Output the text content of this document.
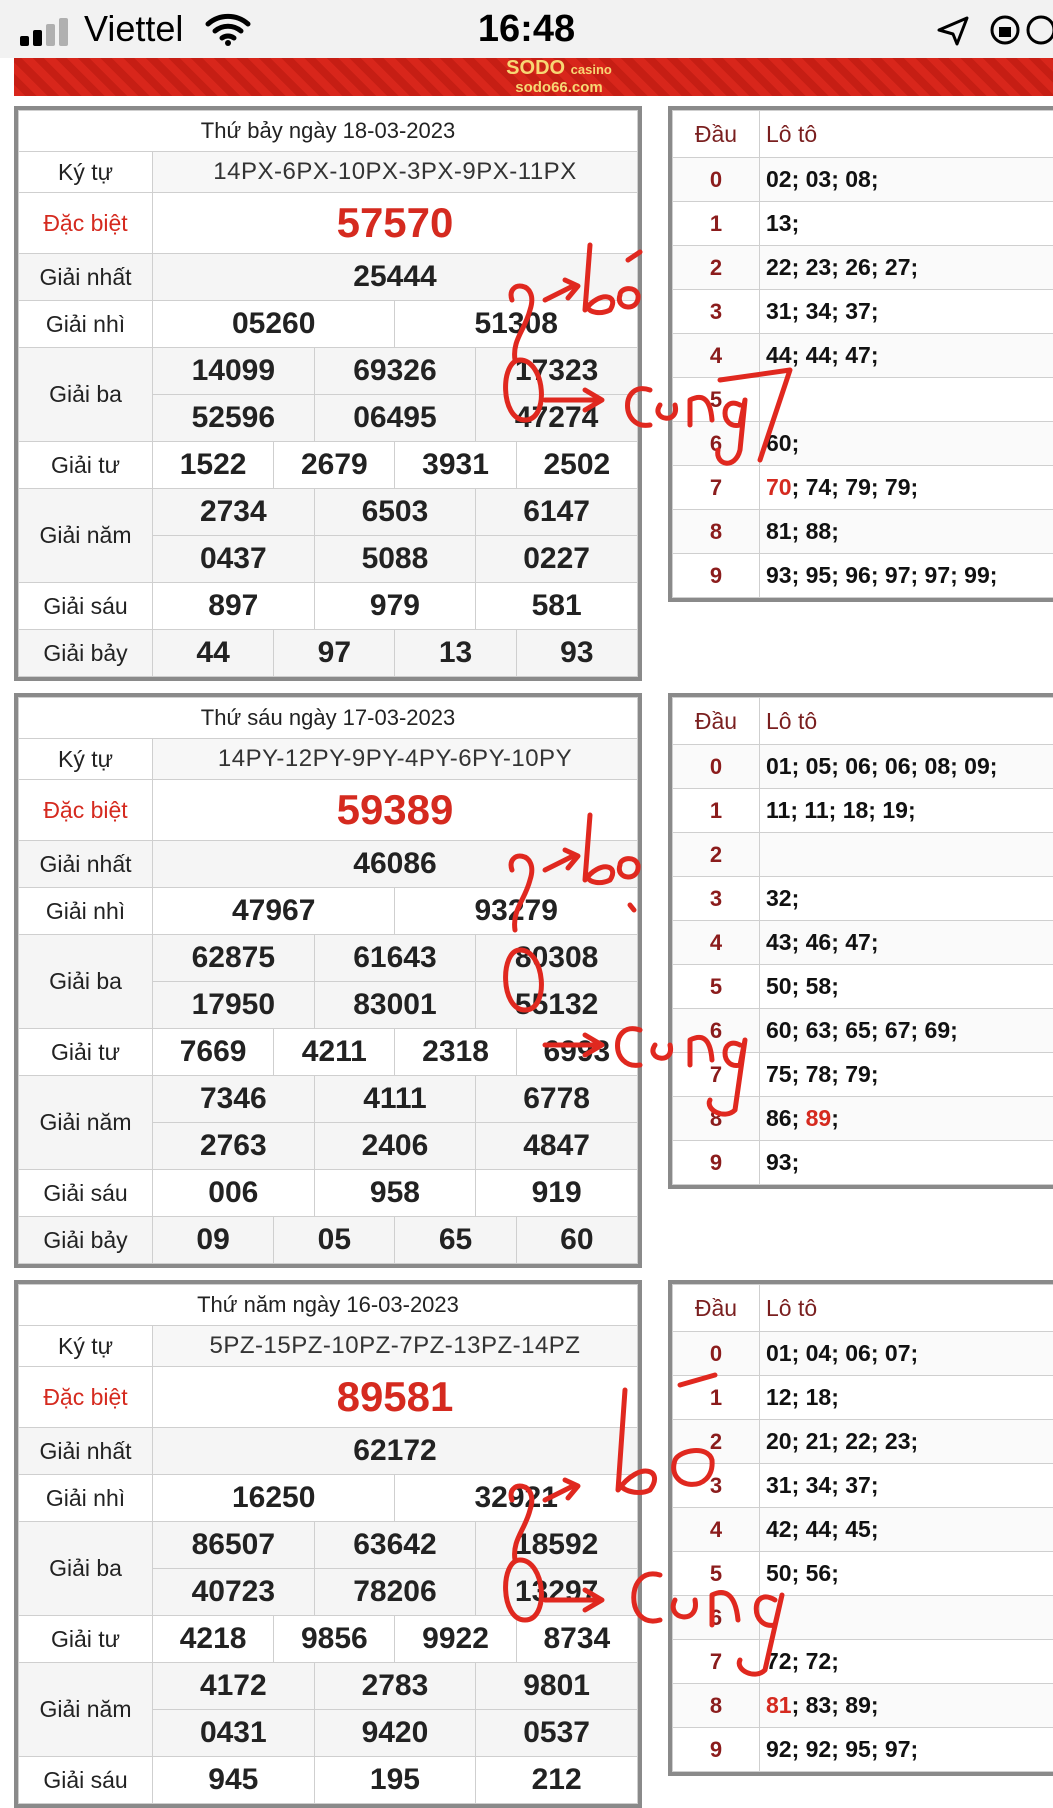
Viettel	16:48
SODO casino
sodo66.com
Thứ bảy ngày 18-03-2023						
Ký tự	14PX-6PX-10PX-3PX-9PX-11PX					
Đặc biệt	57570					
Giải nhất	25444					
Giải nhì	05260			51308		
Giải ba	14099		69326		17323	
	52596		06495		47274	
Giải tư	1522	2679		3931		2502
Giải năm	2734		6503		6147	
	0437		5088		0227	
Giải sáu	897		979		581	
Giải bảy	44	97		13		93
Đầu	Lô tô
0	02; 03; 08;
1	13;
2	22; 23; 26; 27;
3	31; 34; 37;
4	44; 44; 47;
5	
6	60;
7	70; 74; 79; 79;
8	81; 88;
9	93; 95; 96; 97; 97; 99;
Thứ sáu ngày 17-03-2023						
Ký tự	14PY-12PY-9PY-4PY-6PY-10PY					
Đặc biệt	59389					
Giải nhất	46086					
Giải nhì	47967			93279		
Giải ba	62875		61643		80308	
	17950		83001		55132	
Giải tư	7669	4211		2318		6993
Giải năm	7346		4111		6778	
	2763		2406		4847	
Giải sáu	006		958		919	
Giải bảy	09	05		65		60
Đầu	Lô tô
0	01; 05; 06; 06; 08; 09;
1	11; 11; 18; 19;
2	
3	32;
4	43; 46; 47;
5	50; 58;
6	60; 63; 65; 67; 69;
7	75; 78; 79;
8	86; 89;
9	93;
Thứ năm ngày 16-03-2023						
Ký tự	5PZ-15PZ-10PZ-7PZ-13PZ-14PZ					
Đặc biệt	89581					
Giải nhất	62172					
Giải nhì	16250			32921		
Giải ba	86507		63642		18592	
	40723		78206		13297	
Giải tư	4218	9856		9922		8734
Giải năm	4172		2783		9801	
	0431		9420		0537	
Giải sáu	945		195		212	
Đầu	Lô tô
0	01; 04; 06; 07;
1	12; 18;
2	20; 21; 22; 23;
3	31; 34; 37;
4	42; 44; 45;
5	50; 56;
6	
7	72; 72;
8	81; 83; 89;
9	92; 92; 95; 97;
